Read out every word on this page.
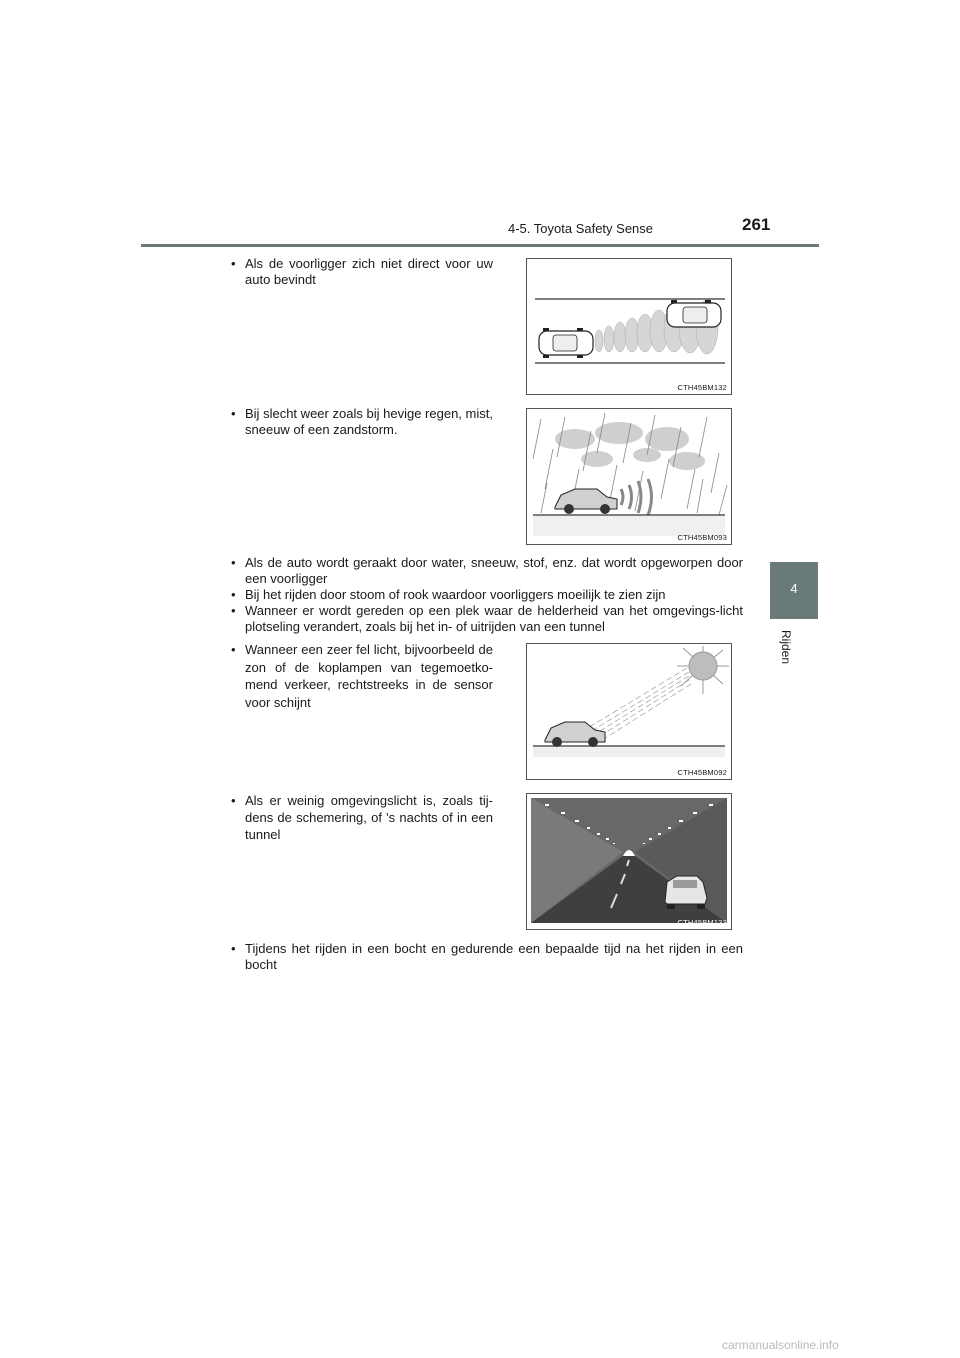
4-5. Toyota Safety Sense	261
4
Rijden
• Als de voorligger zich niet direct voor uw auto bevindt
• Bij slecht weer zoals bij hevige regen, mist, sneeuw of een zandstorm.
• Als de auto wordt geraakt door water, sneeuw, stof, enz. dat wordt opgeworpen door een voorligger
• Bij het rijden door stoom of rook waardoor voorliggers moeilijk te zien zijn
• Wanneer er wordt gereden op een plek waar de helderheid van het omgevings-licht plotseling verandert, zoals bij het in- of uitrijden van een tunnel
• Wanneer een zeer fel licht, bijvoorbeeld de zon of de koplampen van tegemoetko-mend verkeer, rechtstreeks in de sensor voor schijnt
• Als er weinig omgevingslicht is, zoals tij-dens de schemering, of 's nachts of in een tunnel
• Tijdens het rijden in een bocht en gedurende een bepaalde tijd na het rijden in een bocht
CTH45BM132
CTH45BM093
CTH45BM092
CTH45BM133
carmanualsonline.info
